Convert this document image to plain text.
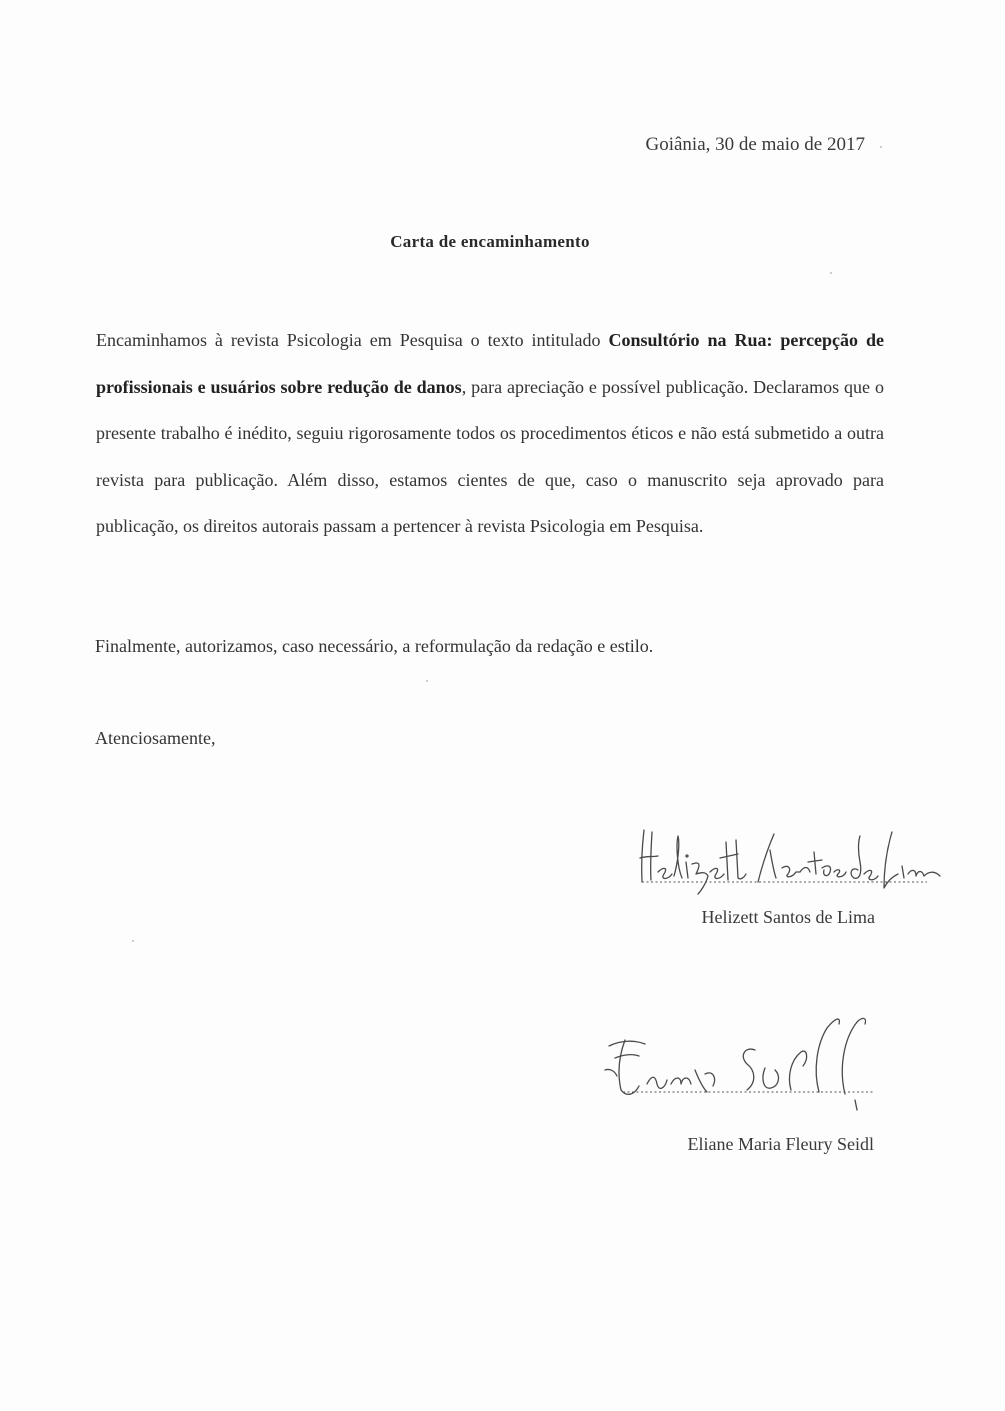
Goiânia, 30 de maio de 2017
Carta de encaminhamento
Encaminhamos à revista Psicologia em Pesquisa o texto intitulado Consultório na Rua: percepção de profissionais e usuários sobre redução de danos, para apreciação e possível publicação. Declaramos que o presente trabalho é inédito, seguiu rigorosamente todos os procedimentos éticos e não está submetido a outra revista para publicação. Além disso, estamos cientes de que, caso o manuscrito seja aprovado para publicação, os direitos autorais passam a pertencer à revista Psicologia em Pesquisa.
Finalmente, autorizamos, caso necessário, a reformulação da redação e estilo.
Atenciosamente,
Helizett Santos de Lima
Eliane Maria Fleury Seidl
